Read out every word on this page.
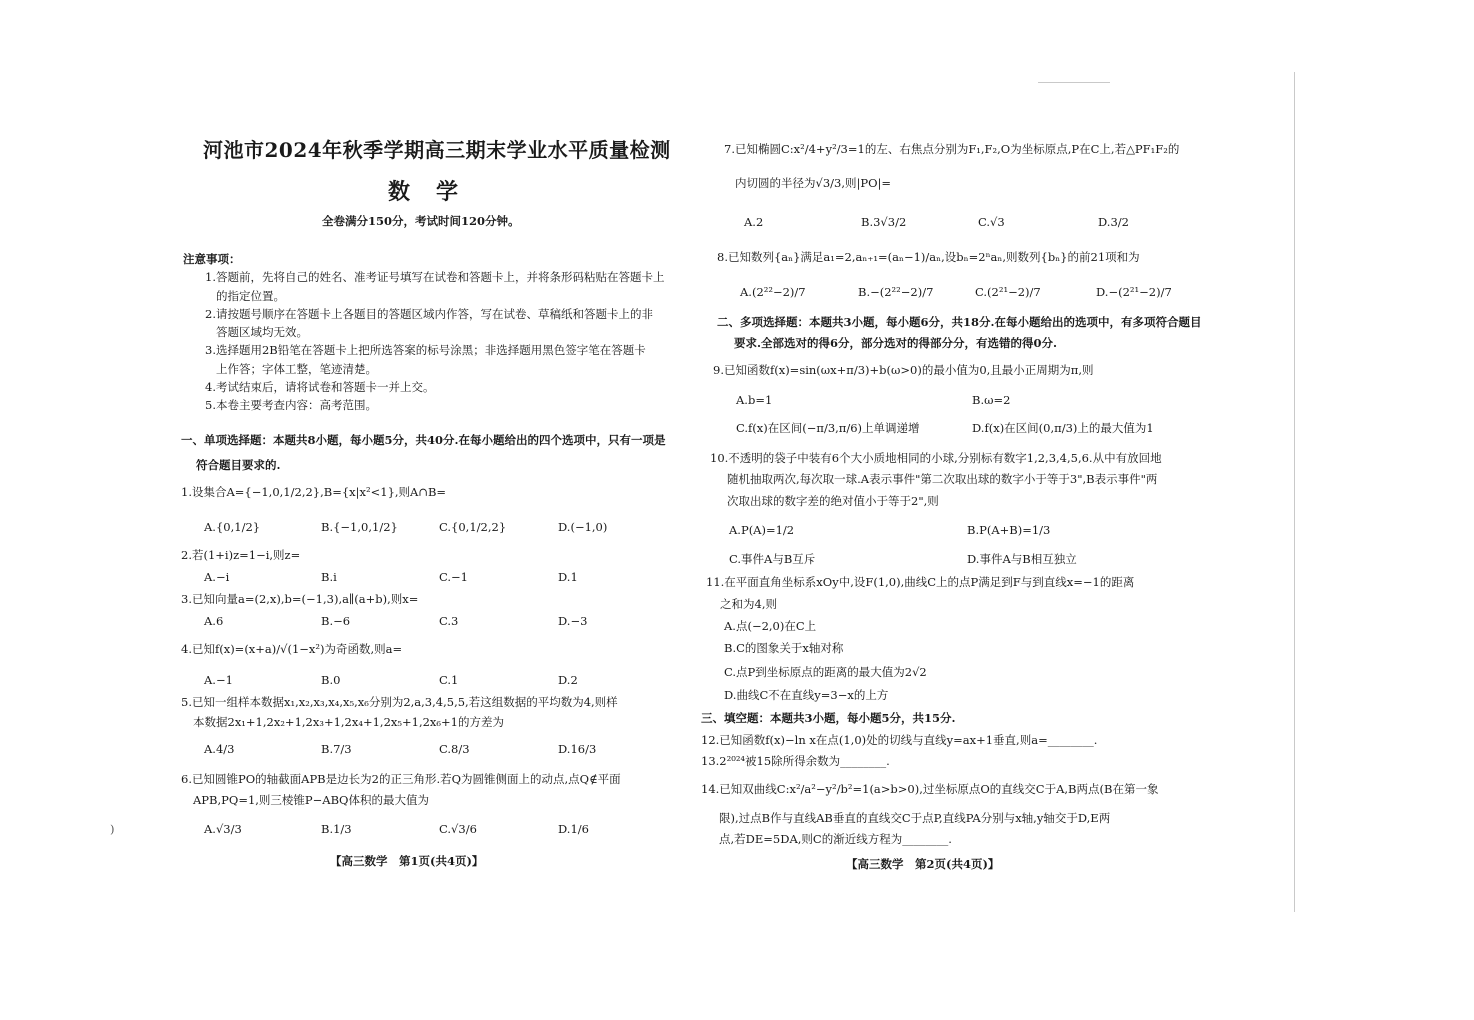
河池市2024年秋季学期高三期末学业水平质量检测
数学
全卷满分150分，考试时间120分钟。
注意事项：
1.答题前，先将自己的姓名、准考证号填写在试卷和答题卡上，并将条形码粘贴在答题卡上
的指定位置。
2.请按题号顺序在答题卡上各题目的答题区域内作答，写在试卷、草稿纸和答题卡上的非
答题区域均无效。
3.选择题用2B铅笔在答题卡上把所选答案的标号涂黑；非选择题用黑色签字笔在答题卡
上作答；字体工整，笔迹清楚。
4.考试结束后，请将试卷和答题卡一并上交。
5.本卷主要考查内容：高考范围。
一、单项选择题：本题共8小题，每小题5分，共40分.在每小题给出的四个选项中，只有一项是
符合题目要求的.
1.设集合A={−1,0,1/2,2},B={x|x²<1},则A∩B=
A.{0,1/2}	B.{−1,0,1/2}	C.{0,1/2,2}	D.(−1,0)
2.若(1+i)z=1−i,则z=
A.−i	B.i	C.−1	D.1
3.已知向量a=(2,x),b=(−1,3),a∥(a+b),则x=
A.6	B.−6	C.3	D.−3
4.已知f(x)=(x+a)/√(1−x²)为奇函数,则a=
A.−1	B.0	C.1	D.2
5.已知一组样本数据x₁,x₂,x₃,x₄,x₅,x₆分别为2,a,3,4,5,5,若这组数据的平均数为4,则样
本数据2x₁+1,2x₂+1,2x₃+1,2x₄+1,2x₅+1,2x₆+1的方差为
A.4/3	B.7/3	C.8/3	D.16/3
6.已知圆锥PO的轴截面APB是边长为2的正三角形.若Q为圆锥侧面上的动点,点Q∉平面
APB,PQ=1,则三棱锥P−ABQ体积的最大值为
A.√3/3	B.1/3	C.√3/6	D.1/6
)
【高三数学　第1页(共4页)】
7.已知椭圆C:x²/4+y²/3=1的左、右焦点分别为F₁,F₂,O为坐标原点,P在C上,若△PF₁F₂的
内切圆的半径为√3/3,则|PO|=
A.2	B.3√3/2	C.√3	D.3/2
8.已知数列{aₙ}满足a₁=2,aₙ₊₁=(aₙ−1)/aₙ,设bₙ=2ⁿaₙ,则数列{bₙ}的前21项和为
A.(2²²−2)/7	B.−(2²²−2)/7	C.(2²¹−2)/7	D.−(2²¹−2)/7
二、多项选择题：本题共3小题，每小题6分，共18分.在每小题给出的选项中，有多项符合题目
要求.全部选对的得6分，部分选对的得部分分，有选错的得0分.
9.已知函数f(x)=sin(ωx+π/3)+b(ω>0)的最小值为0,且最小正周期为π,则
A.b=1	B.ω=2
C.f(x)在区间(−π/3,π/6)上单调递增	D.f(x)在区间(0,π/3)上的最大值为1
10.不透明的袋子中装有6个大小质地相同的小球,分别标有数字1,2,3,4,5,6.从中有放回地
随机抽取两次,每次取一球.A表示事件"第二次取出球的数字小于等于3",B表示事件"两
次取出球的数字差的绝对值小于等于2",则
A.P(A)=1/2	B.P(A+B)=1/3
C.事件A与B互斥	D.事件A与B相互独立
11.在平面直角坐标系xOy中,设F(1,0),曲线C上的点P满足到F与到直线x=−1的距离
之和为4,则
A.点(−2,0)在C上
B.C的图象关于x轴对称
C.点P到坐标原点的距离的最大值为2√2
D.曲线C不在直线y=3−x的上方
三、填空题：本题共3小题，每小题5分，共15分.
12.已知函数f(x)−ln x在点(1,0)处的切线与直线y=ax+1垂直,则a=________.
13.2²⁰²⁴被15除所得余数为________.
14.已知双曲线C:x²/a²−y²/b²=1(a>b>0),过坐标原点O的直线交C于A,B两点(B在第一象
限),过点B作与直线AB垂直的直线交C于点P,直线PA分别与x轴,y轴交于D,E两
点,若DE=5DA,则C的渐近线方程为________.
【高三数学　第2页(共4页)】
